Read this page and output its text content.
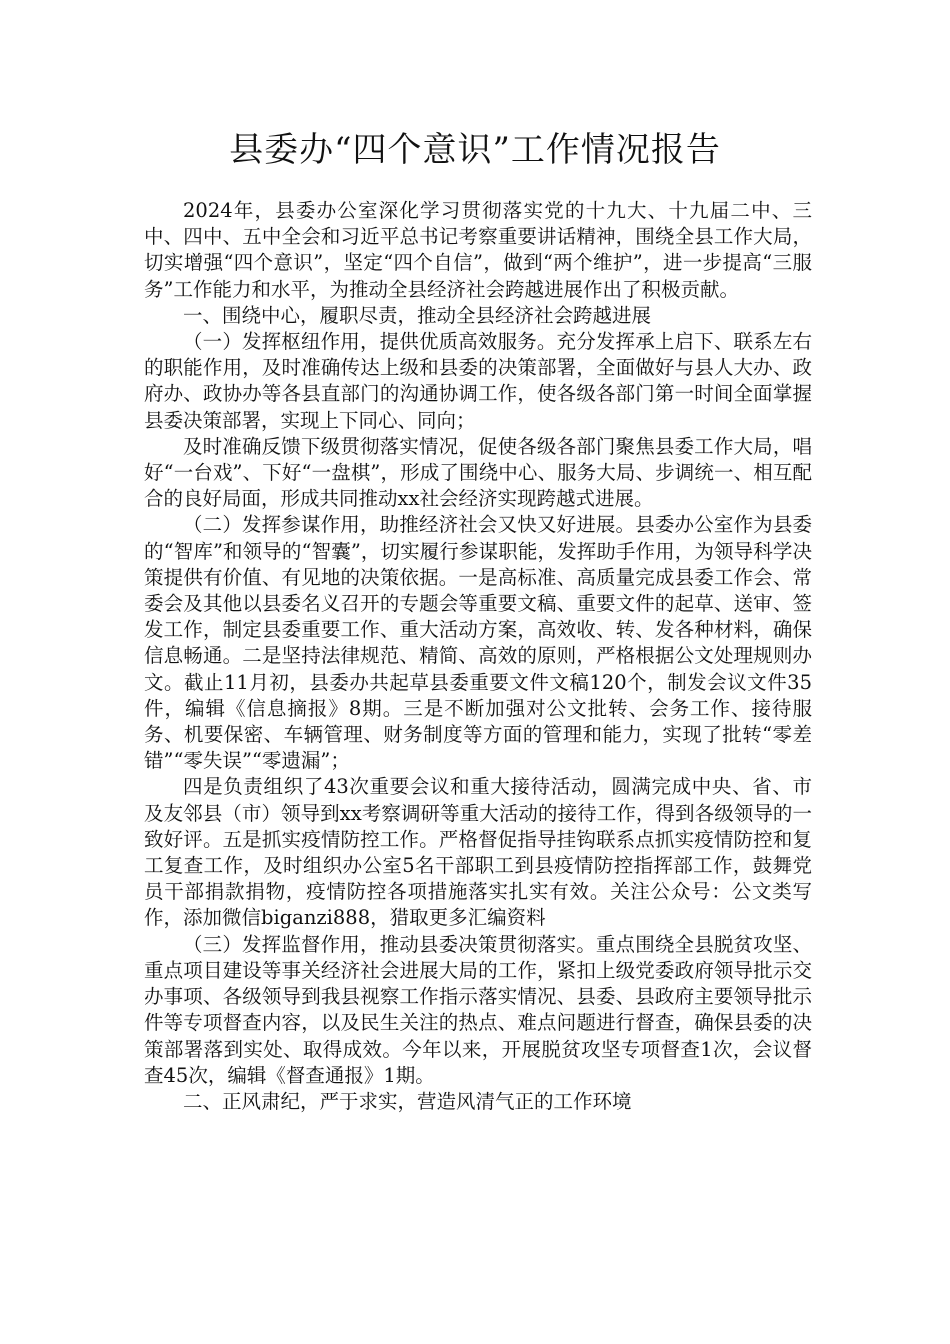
县委办“四个意识”工作情况报告

2024年，县委办公室深化学习贯彻落实党的十九大、十九届二中、三中、四中、五中全会和习近平总书记考察重要讲话精神，围绕全县工作大局，切实增强“四个意识”，坚定“四个自信”，做到“两个维护”，进一步提高“三服务”工作能力和水平，为推动全县经济社会跨越进展作出了积极贡献。

一、围绕中心，履职尽责，推动全县经济社会跨越进展

（一）发挥枢纽作用，提供优质高效服务。充分发挥承上启下、联系左右的职能作用，及时准确传达上级和县委的决策部署，全面做好与县人大办、政府办、政协办等各县直部门的沟通协调工作，使各级各部门第一时间全面掌握县委决策部署，实现上下同心、同向；

及时准确反馈下级贯彻落实情况，促使各级各部门聚焦县委工作大局，唱好“一台戏”、下好“一盘棋”，形成了围绕中心、服务大局、步调统一、相互配合的良好局面，形成共同推动xx社会经济实现跨越式进展。

（二）发挥参谋作用，助推经济社会又快又好进展。县委办公室作为县委的“智库”和领导的“智囊”，切实履行参谋职能，发挥助手作用，为领导科学决策提供有价值、有见地的决策依据。一是高标准、高质量完成县委工作会、常委会及其他以县委名义召开的专题会等重要文稿、重要文件的起草、送审、签发工作，制定县委重要工作、重大活动方案，高效收、转、发各种材料，确保信息畅通。二是坚持法律规范、精简、高效的原则，严格根据公文处理规则办文。截止11月初，县委办共起草县委重要文件文稿120个，制发会议文件35件，编辑《信息摘报》8期。三是不断加强对公文批转、会务工作、接待服务、机要保密、车辆管理、财务制度等方面的管理和能力，实现了批转“零差错”“零失误”“零遗漏”；

四是负责组织了43次重要会议和重大接待活动，圆满完成中央、省、市及友邻县（市）领导到xx考察调研等重大活动的接待工作，得到各级领导的一致好评。五是抓实疫情防控工作。严格督促指导挂钩联系点抓实疫情防控和复工复查工作，及时组织办公室5名干部职工到县疫情防控指挥部工作，鼓舞党员干部捐款捐物，疫情防控各项措施落实扎实有效。关注公众号：公文类写作，添加微信biganzi888，猎取更多汇编资料

（三）发挥监督作用，推动县委决策贯彻落实。重点围绕全县脱贫攻坚、重点项目建设等事关经济社会进展大局的工作，紧扣上级党委政府领导批示交办事项、各级领导到我县视察工作指示落实情况、县委、县政府主要领导批示件等专项督查内容，以及民生关注的热点、难点问题进行督查，确保县委的决策部署落到实处、取得成效。今年以来，开展脱贫攻坚专项督查1次，会议督查45次，编辑《督查通报》1期。

二、正风肃纪，严于求实，营造风清气正的工作环境
